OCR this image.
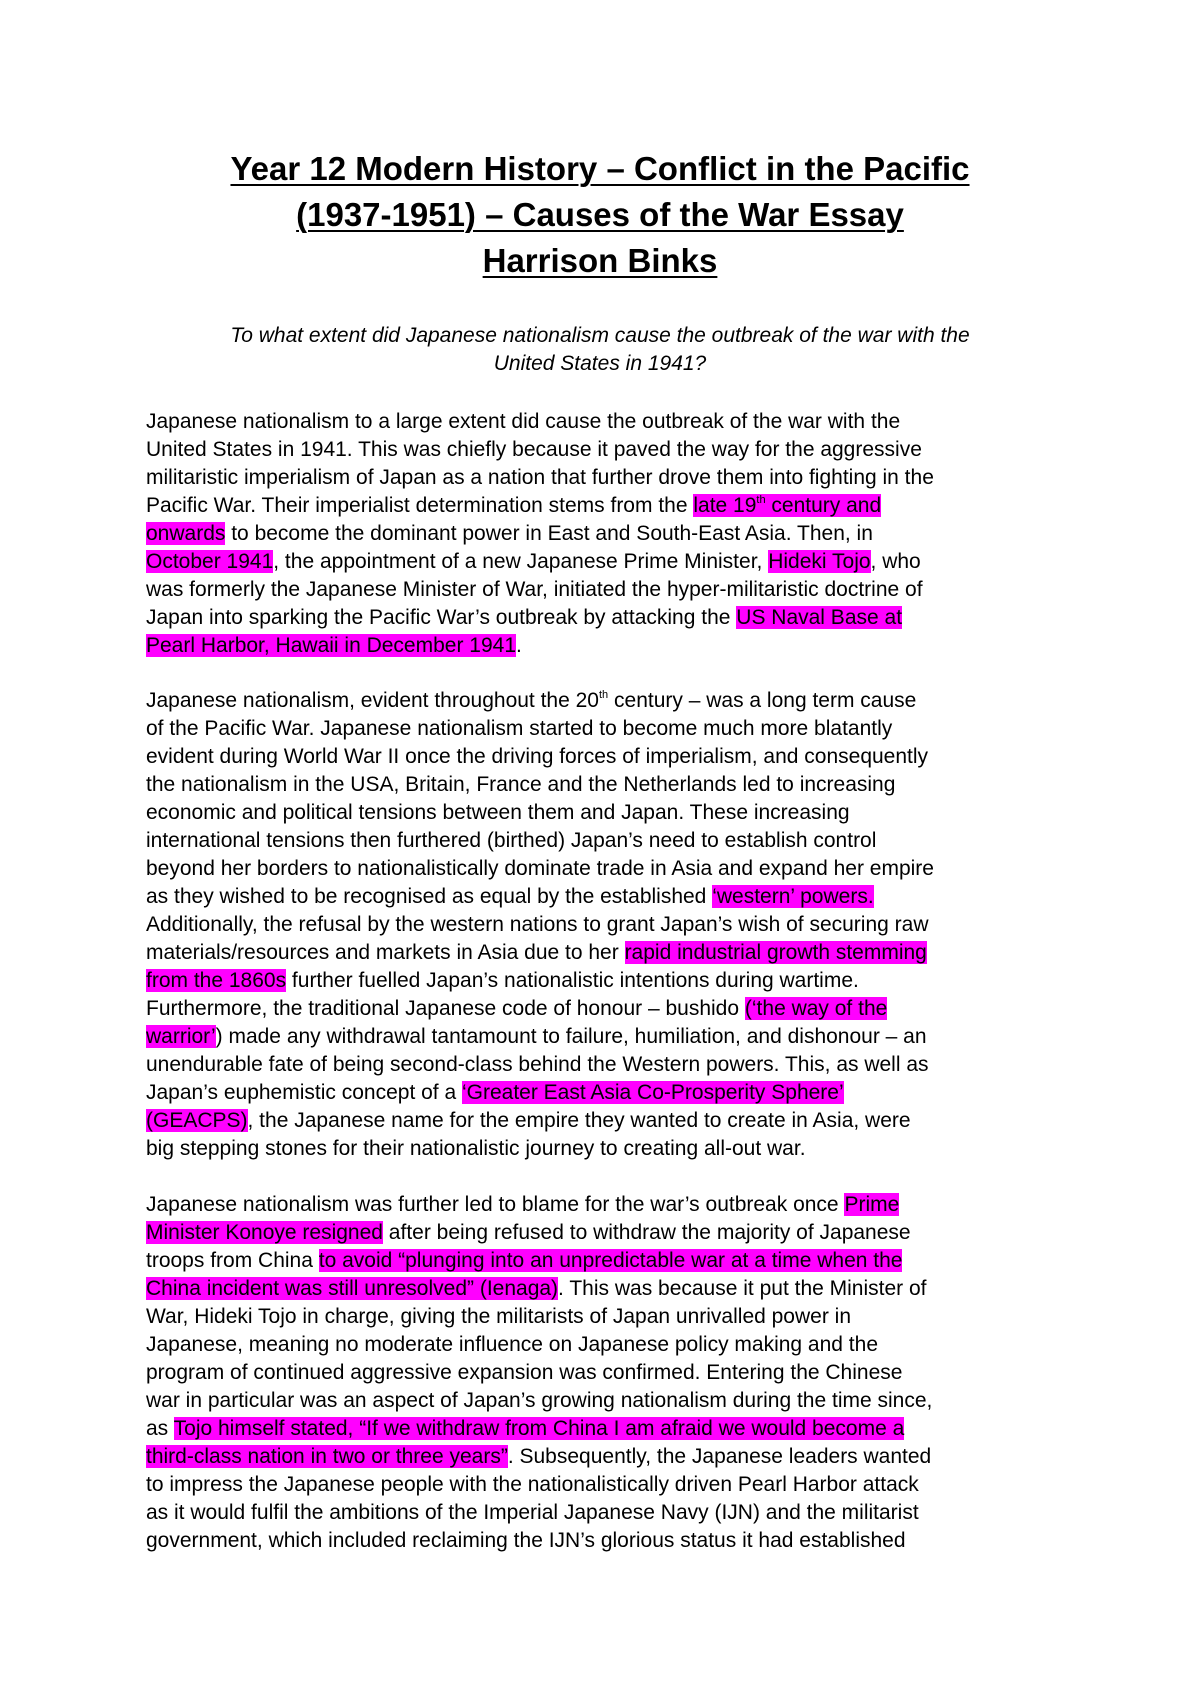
Year 12 Modern History – Conflict in the Pacific
(1937-1951) – Causes of the War Essay
Harrison Binks

To what extent did Japanese nationalism cause the outbreak of the war with the
United States in 1941?

Japanese nationalism to a large extent did cause the outbreak of the war with the
United States in 1941. This was chiefly because it paved the way for the aggressive
militaristic imperialism of Japan as a nation that further drove them into fighting in the
Pacific War. Their imperialist determination stems from the late 19th century and
onwards to become the dominant power in East and South-East Asia. Then, in
October 1941, the appointment of a new Japanese Prime Minister, Hideki Tojo, who
was formerly the Japanese Minister of War, initiated the hyper-militaristic doctrine of
Japan into sparking the Pacific War’s outbreak by attacking the US Naval Base at
Pearl Harbor, Hawaii in December 1941.
Japanese nationalism, evident throughout the 20th century – was a long term cause
of the Pacific War. Japanese nationalism started to become much more blatantly
evident during World War II once the driving forces of imperialism, and consequently
the nationalism in the USA, Britain, France and the Netherlands led to increasing
economic and political tensions between them and Japan. These increasing
international tensions then furthered (birthed) Japan’s need to establish control
beyond her borders to nationalistically dominate trade in Asia and expand her empire
as they wished to be recognised as equal by the established ‘western’ powers.
Additionally, the refusal by the western nations to grant Japan’s wish of securing raw
materials/resources and markets in Asia due to her rapid industrial growth stemming
from the 1860s further fuelled Japan’s nationalistic intentions during wartime.
Furthermore, the traditional Japanese code of honour – bushido (‘the way of the
warrior’) made any withdrawal tantamount to failure, humiliation, and dishonour – an
unendurable fate of being second-class behind the Western powers. This, as well as
Japan’s euphemistic concept of a ‘Greater East Asia Co-Prosperity Sphere’
(GEACPS), the Japanese name for the empire they wanted to create in Asia, were
big stepping stones for their nationalistic journey to creating all-out war.
Japanese nationalism was further led to blame for the war’s outbreak once Prime
Minister Konoye resigned after being refused to withdraw the majority of Japanese
troops from China to avoid “plunging into an unpredictable war at a time when the
China incident was still unresolved” (Ienaga). This was because it put the Minister of
War, Hideki Tojo in charge, giving the militarists of Japan unrivalled power in
Japanese, meaning no moderate influence on Japanese policy making and the
program of continued aggressive expansion was confirmed. Entering the Chinese
war in particular was an aspect of Japan’s growing nationalism during the time since,
as Tojo himself stated, “If we withdraw from China I am afraid we would become a
third-class nation in two or three years”. Subsequently, the Japanese leaders wanted
to impress the Japanese people with the nationalistically driven Pearl Harbor attack
as it would fulfil the ambitions of the Imperial Japanese Navy (IJN) and the militarist
government, which included reclaiming the IJN’s glorious status it had established
